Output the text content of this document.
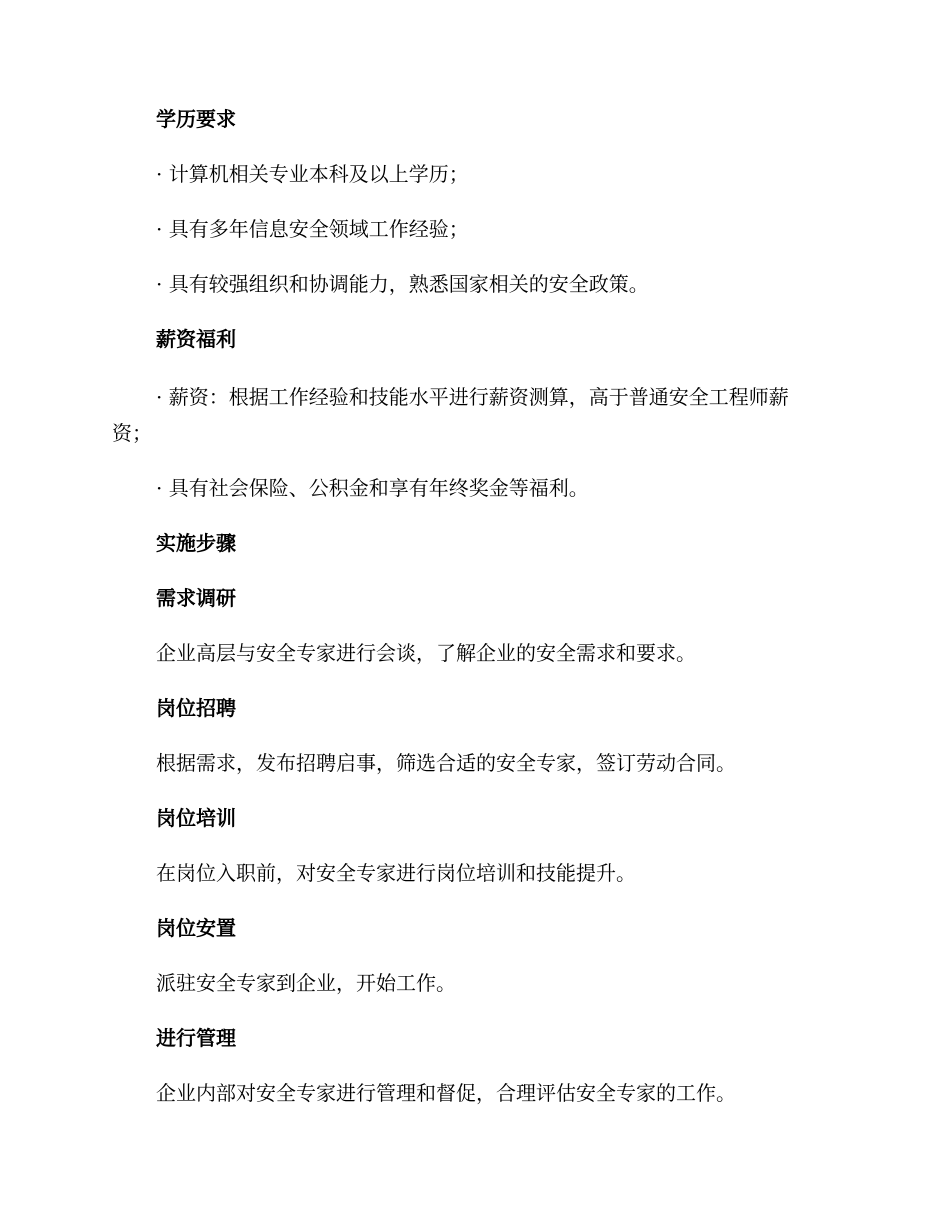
学历要求
· 计算机相关专业本科及以上学历；
· 具有多年信息安全领域工作经验；
· 具有较强组织和协调能力，熟悉国家相关的安全政策。
薪资福利
· 薪资：根据工作经验和技能水平进行薪资测算，高于普通安全工程师薪资；
· 具有社会保险、公积金和享有年终奖金等福利。
实施步骤
需求调研
企业高层与安全专家进行会谈，了解企业的安全需求和要求。
岗位招聘
根据需求，发布招聘启事，筛选合适的安全专家，签订劳动合同。
岗位培训
在岗位入职前，对安全专家进行岗位培训和技能提升。
岗位安置
派驻安全专家到企业，开始工作。
进行管理
企业内部对安全专家进行管理和督促，合理评估安全专家的工作。
